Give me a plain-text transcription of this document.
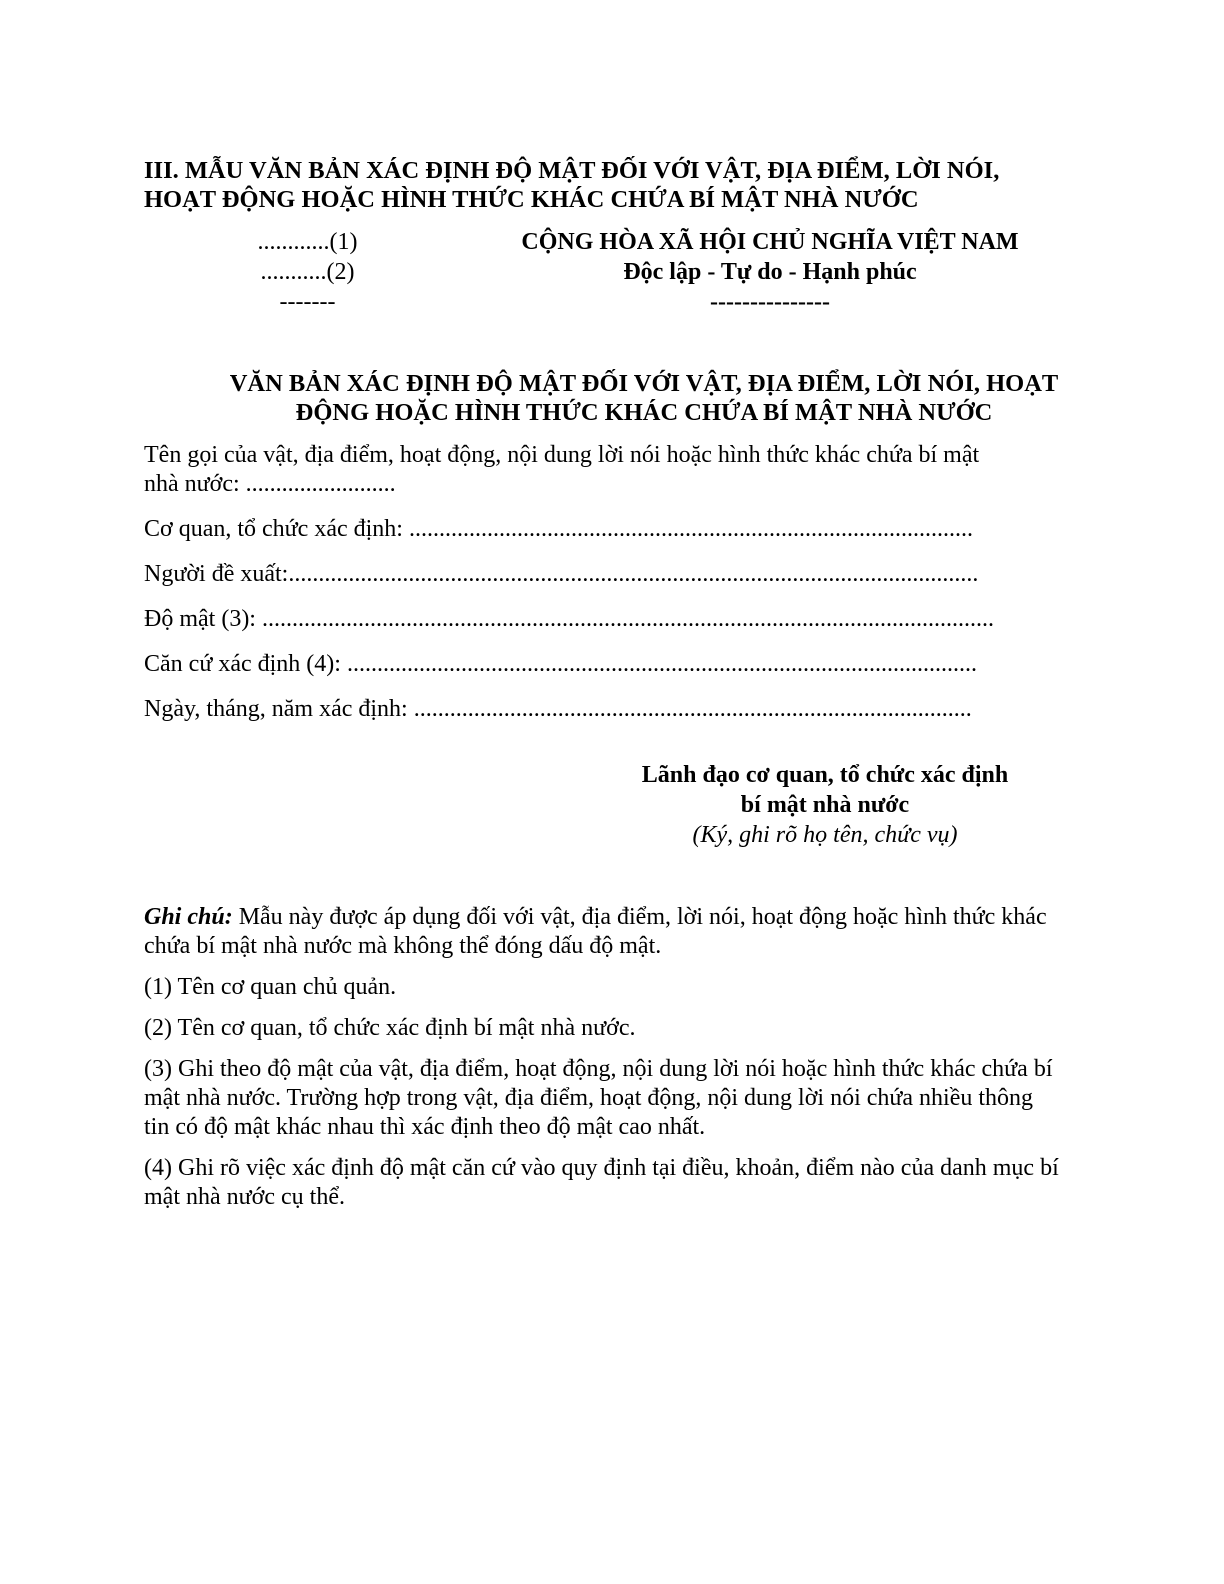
III. MẪU VĂN BẢN XÁC ĐỊNH ĐỘ MẬT ĐỐI VỚI VẬT, ĐỊA ĐIỂM, LỜI NÓI,
HOẠT ĐỘNG HOẶC HÌNH THỨC KHÁC CHỨA BÍ MẬT NHÀ NƯỚC
............(1)
...........(2)
-------
CỘNG HÒA XÃ HỘI CHỦ NGHĨA VIỆT NAM
Độc lập - Tự do - Hạnh phúc
---------------
VĂN BẢN XÁC ĐỊNH ĐỘ MẬT ĐỐI VỚI VẬT, ĐỊA ĐIỂM, LỜI NÓI, HOẠT
ĐỘNG HOẶC HÌNH THỨC KHÁC CHỨA BÍ MẬT NHÀ NƯỚC
Tên gọi của vật, địa điểm, hoạt động, nội dung lời nói hoặc hình thức khác chứa bí mật
nhà nước: .........................
Cơ quan, tổ chức xác định: ..............................................................................................
Người đề xuất:...................................................................................................................
Độ mật (3): ..........................................................................................................................
Căn cứ xác định (4): .........................................................................................................
Ngày, tháng, năm xác định: .............................................................................................
Lãnh đạo cơ quan, tổ chức xác định
bí mật nhà nước
(Ký, ghi rõ họ tên, chức vụ)

Ghi chú: Mẫu này được áp dụng đối với vật, địa điểm, lời nói, hoạt động hoặc hình thức khác chứa bí mật nhà nước mà không thể đóng dấu độ mật.

(1) Tên cơ quan chủ quản.

(2) Tên cơ quan, tổ chức xác định bí mật nhà nước.

(3) Ghi theo độ mật của vật, địa điểm, hoạt động, nội dung lời nói hoặc hình thức khác chứa bí mật nhà nước. Trường hợp trong vật, địa điểm, hoạt động, nội dung lời nói chứa nhiều thông tin có độ mật khác nhau thì xác định theo độ mật cao nhất.

(4) Ghi rõ việc xác định độ mật căn cứ vào quy định tại điều, khoản, điểm nào của danh mục bí mật nhà nước cụ thể.
